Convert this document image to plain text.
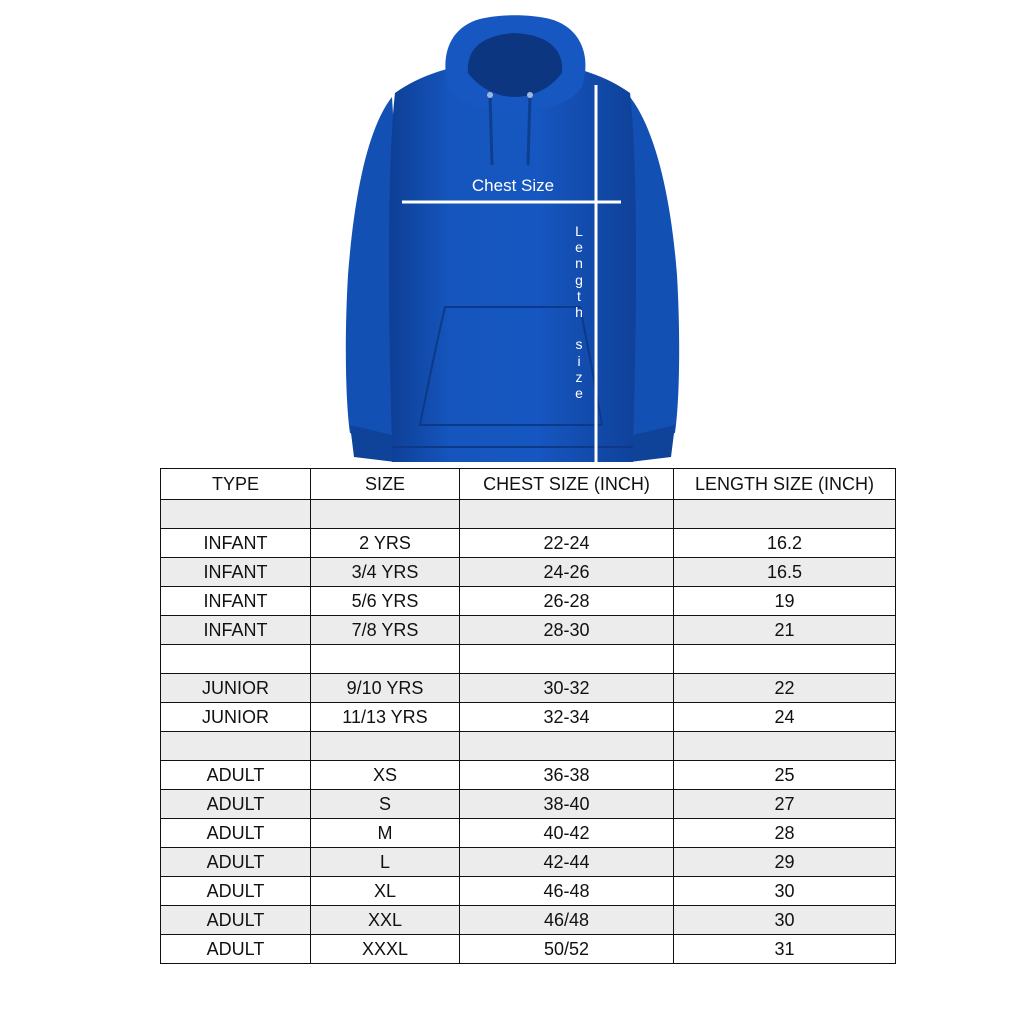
Chest Size
L
e
n
g
t
h

s
i
z
e
TYPE	SIZE	CHEST SIZE (INCH)	LENGTH SIZE (INCH)

INFANT	2 YRS	22-24	16.2
INFANT	3/4 YRS	24-26	16.5
INFANT	5/6 YRS	26-28	19
INFANT	7/8 YRS	28-30	21

JUNIOR	9/10 YRS	30-32	22
JUNIOR	11/13 YRS	32-34	24

ADULT	XS	36-38	25
ADULT	S	38-40	27
ADULT	M	40-42	28
ADULT	L	42-44	29
ADULT	XL	46-48	30
ADULT	XXL	46/48	30
ADULT	XXXL	50/52	31
